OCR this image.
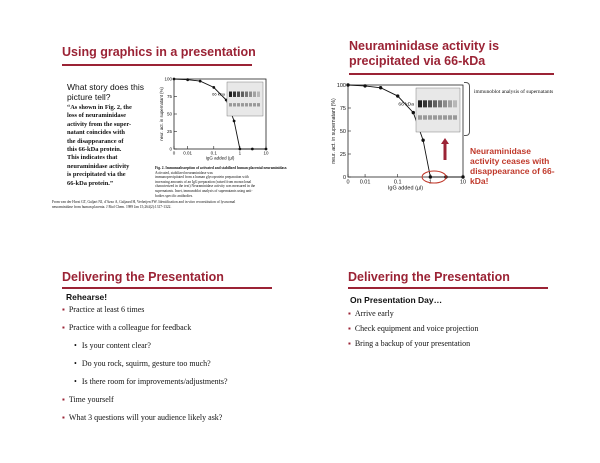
Using graphics in a presentation
What story does this picture tell?
“As shown in Fig. 2, the
loss of neuraminidase
activity from the super-
natant coincides with
the disappearance of
this 66-kDa protein.
This indicates that
neuraminidase activity
is precipitated via the
66-kDa protein.”
0
25
50
75
100
0 0.01	0.1	1	10
neur. act. in supernatant (%)
IgG added (µl)
66 kDa
Fig. 2. Immunoabsorption of activated and stabilized human placental neuraminidase.
Activated, stabilized neuraminidase was
immunoprecipitated from a human glycoprotein preparation with
increasing amounts of an IgG preparation (raised from monoclonal
characterized in the text) Neuraminidase activity was measured in the
supernatants. Inset, immunoblot analysis of supernatants using anti-
bodies specific antibodies.
From van der Horst GT, Galjart NJ, d'Azzo A, Galjaard H, Verheijen FW. Identification and in vitro reconstitution of lysosomal
neuraminidase from human placenta. J Biol Chem. 1989 Jan 15;264(2):1317-1322.
Neuraminidase activity is
precipitated via 66-kDa
0
25
50
75
100
0 0.01	0.1	1	10
neur. act. in supernatant (%)
IgG added (µl)
66 kDa
immunoblot analysis of supernatants
Neuraminidase
activity ceases with
disappearance of 66-
kDa!
Delivering the Presentation
Rehearse!
▪ Practice at least 6 times
▪ Practice with a colleague for feedback
• Is your content clear?
• Do you rock, squirm, gesture too much?
• Is there room for improvements/adjustments?
▪ Time yourself
▪ What 3 questions will your audience likely ask?
Delivering the Presentation
On Presentation Day…
▪ Arrive early
▪ Check equipment and voice projection
▪ Bring a backup of your presentation
